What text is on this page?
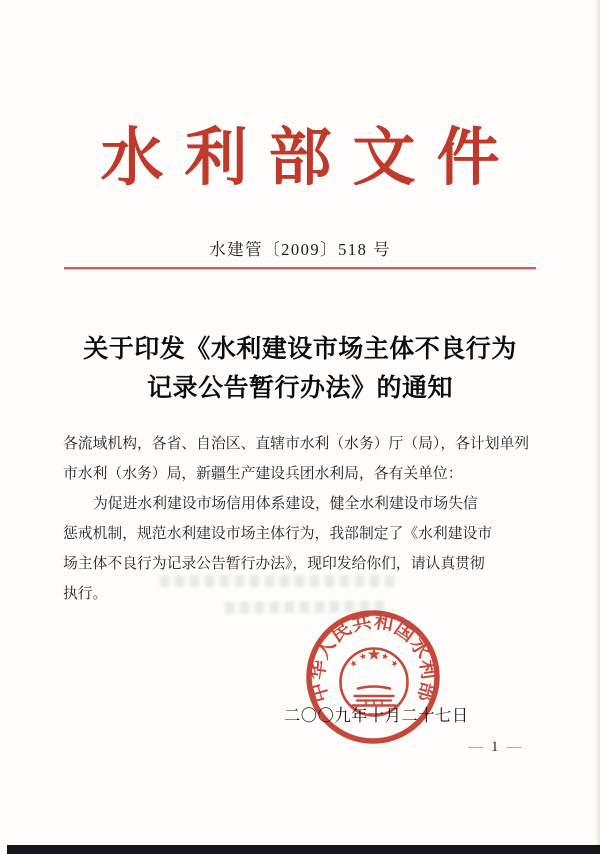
水利部文件
水建管〔2009〕518 号
关于印发《水利建设市场主体不良行为
记录公告暂行办法》的通知
各流域机构，各省、自治区、直辖市水利（水务）厅（局），各计划单列
市水利（水务）局，新疆生产建设兵团水利局，各有关单位：
为促进水利建设市场信用体系建设，健全水利建设市场失信
惩戒机制，规范水利建设市场主体行为，我部制定了《水利建设市
场主体不良行为记录公告暂行办法》，现印发给你们，请认真贯彻
执行。
中华人民共和国水利部
二〇〇九年十月二十七日
— 1 —
